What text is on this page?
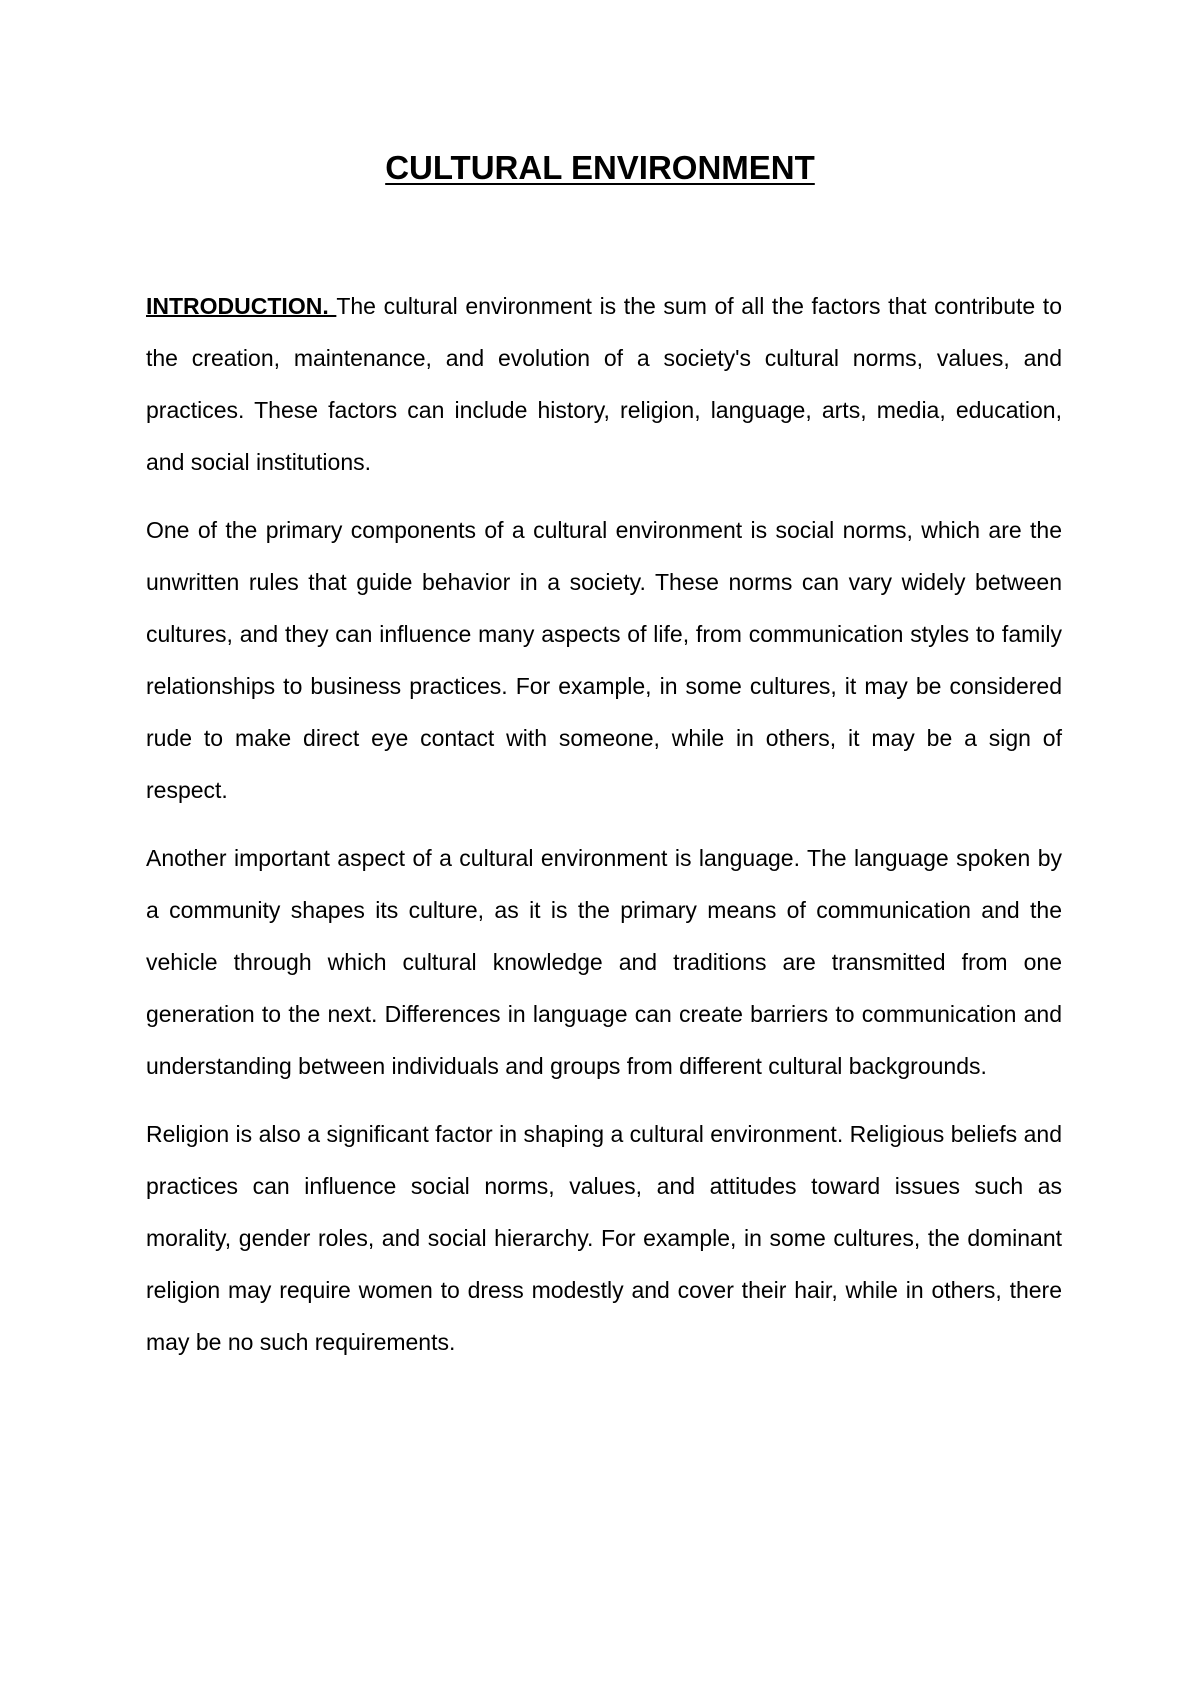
CULTURAL ENVIRONMENT

INTRODUCTION. The cultural environment is the sum of all the factors that contribute to the creation, maintenance, and evolution of a society's cultural norms, values, and practices. These factors can include history, religion, language, arts, media, education, and social institutions.

One of the primary components of a cultural environment is social norms, which are the unwritten rules that guide behavior in a society. These norms can vary widely between cultures, and they can influence many aspects of life, from communication styles to family relationships to business practices. For example, in some cultures, it may be considered rude to make direct eye contact with someone, while in others, it may be a sign of respect.

Another important aspect of a cultural environment is language. The language spoken by a community shapes its culture, as it is the primary means of communication and the vehicle through which cultural knowledge and traditions are transmitted from one generation to the next. Differences in language can create barriers to communication and understanding between individuals and groups from different cultural backgrounds.

Religion is also a significant factor in shaping a cultural environment. Religious beliefs and practices can influence social norms, values, and attitudes toward issues such as morality, gender roles, and social hierarchy. For example, in some cultures, the dominant religion may require women to dress modestly and cover their hair, while in others, there may be no such requirements.
